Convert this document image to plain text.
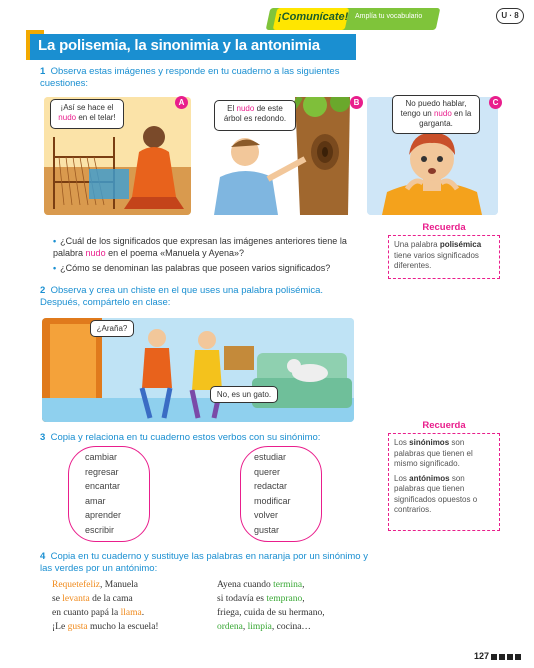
¡Comunícate! Amplía tu vocabulario	U · 8
La polisemia, la sinonimia y la antonimia
1 Observa estas imágenes y responde en tu cuaderno a las siguientes cuestiones:
¡Así se hace el
nudo en el telar!
A
El nudo de este árbol es redondo.
B	No puedo hablar, tengo un nudo en la garganta.
C
• ¿Cuál de los significados que expresan las imágenes anteriores tiene la palabra nudo en el poema «Manuela y Ayena»?
• ¿Cómo se denominan las palabras que poseen varios significados?
Recuerda
Una palabra polisémica tiene varios significados diferentes.
2 Observa y crea un chiste en el que uses una palabra polisémica. Después, compártelo en clase:
¿Araña?
No, es un gato.
Recuerda
Los sinónimos son palabras que tienen el mismo significado.
Los antónimos son palabras que tienen significados opuestos o contrarios.
3 Copia y relaciona en tu cuaderno estos verbos con su sinónimo:
cambiar
regresar
encantar
amar
aprender
escribir
estudiar
querer
redactar
modificar
volver
gustar
4 Copia en tu cuaderno y sustituye las palabras en naranja por un sinónimo y las verdes por un antónimo:
Requetefeliz, Manuela
se levanta de la cama
en cuanto papá la llama.
¡Le gusta mucho la escuela!
Ayena cuando termina,
si todavía es temprano,
friega, cuida de su hermano,
ordena, limpia, cocina…
127
